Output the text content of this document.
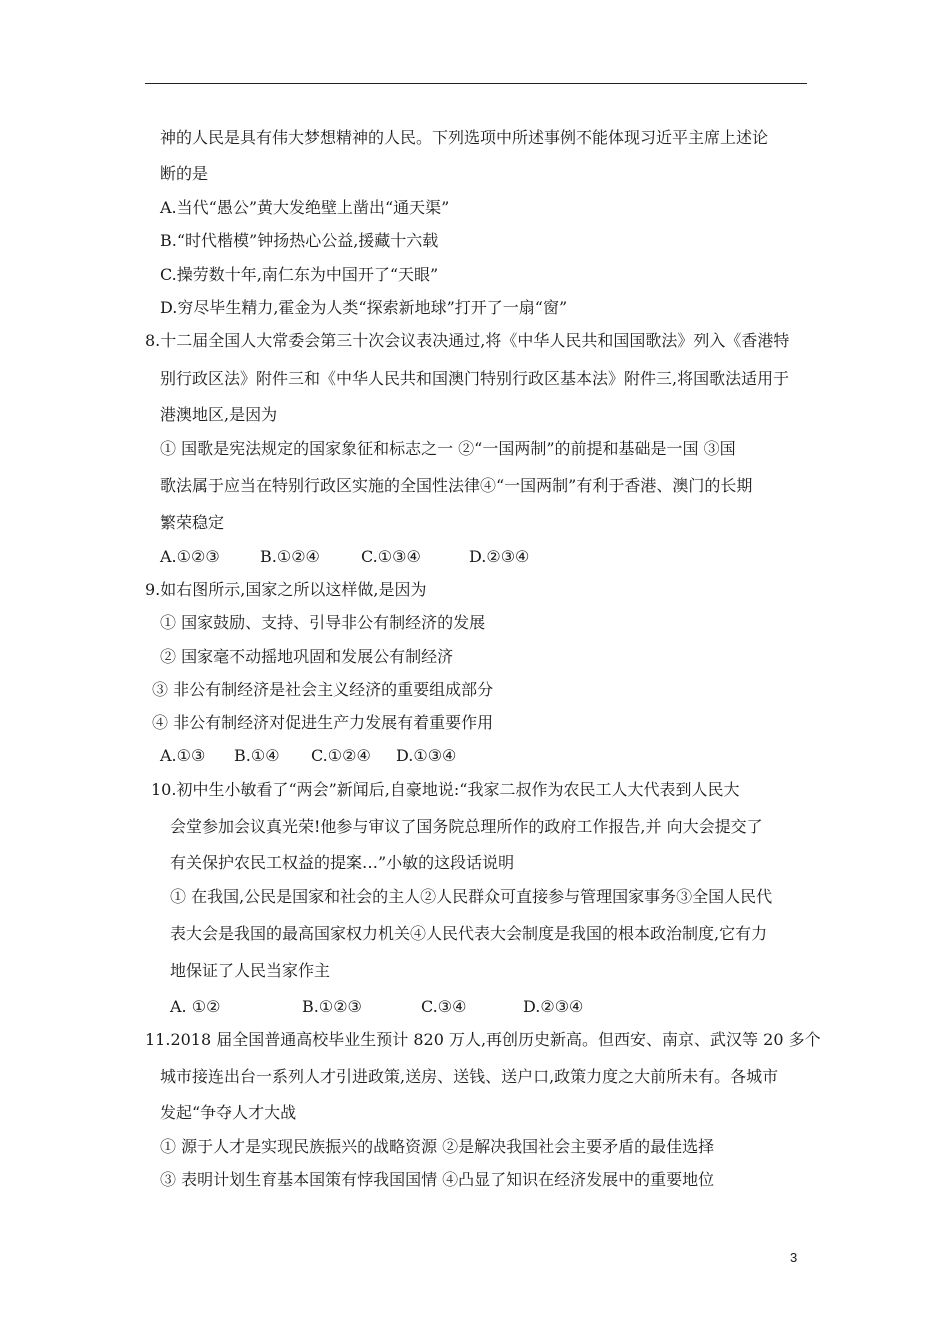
神的人民是具有伟大梦想精神的人民。下列选项中所述事例不能体现习近平主席上述论
断的是
A.当代“愚公”黄大发绝壁上凿出“通天渠”
B.“时代楷模”钟扬热心公益,援藏十六载
C.操劳数十年,南仁东为中国开了“天眼”
D.穷尽毕生精力,霍金为人类“探索新地球”打开了一扇“窗”
8.十二届全国人大常委会第三十次会议表决通过,将《中华人民共和国国歌法》列入《香港特
别行政区法》附件三和《中华人民共和国澳门特别行政区基本法》附件三,将国歌法适用于
港澳地区,是因为
① 国歌是宪法规定的国家象征和标志之一 ②“一国两制”的前提和基础是一国 ③国
歌法属于应当在特别行政区实施的全国性法律④“一国两制”有利于香港、澳门的长期
繁荣稳定
A.①②③	B.①②④	C.①③④	D.②③④
9.如右图所示,国家之所以这样做,是因为
① 国家鼓励、支持、引导非公有制经济的发展
② 国家毫不动摇地巩固和发展公有制经济
③ 非公有制经济是社会主义经济的重要组成部分
④ 非公有制经济对促进生产力发展有着重要作用
A.①③ B.①④ C.①②④ D.①③④
10.初中生小敏看了“两会”新闻后,自豪地说:“我家二叔作为农民工人大代表到人民大
会堂参加会议真光荣!他参与审议了国务院总理所作的政府工作报告,并 向大会提交了
有关保护农民工权益的提案…”小敏的这段话说明
① 在我国,公民是国家和社会的主人②人民群众可直接参与管理国家事务③全国人民代
表大会是我国的最高国家权力机关④人民代表大会制度是我国的根本政治制度,它有力
地保证了人民当家作主
A. ①②	B.①②③	C.③④	D.②③④
11.2018 届全国普通高校毕业生预计 820 万人,再创历史新高。但西安、南京、武汉等 20 多个
城市接连出台一系列人才引进政策,送房、送钱、送户口,政策力度之大前所未有。各城市
发起“争夺人才大战
① 源于人才是实现民族振兴的战略资源 ②是解决我国社会主要矛盾的最佳选择
③ 表明计划生育基本国策有悖我国国情 ④凸显了知识在经济发展中的重要地位
3
